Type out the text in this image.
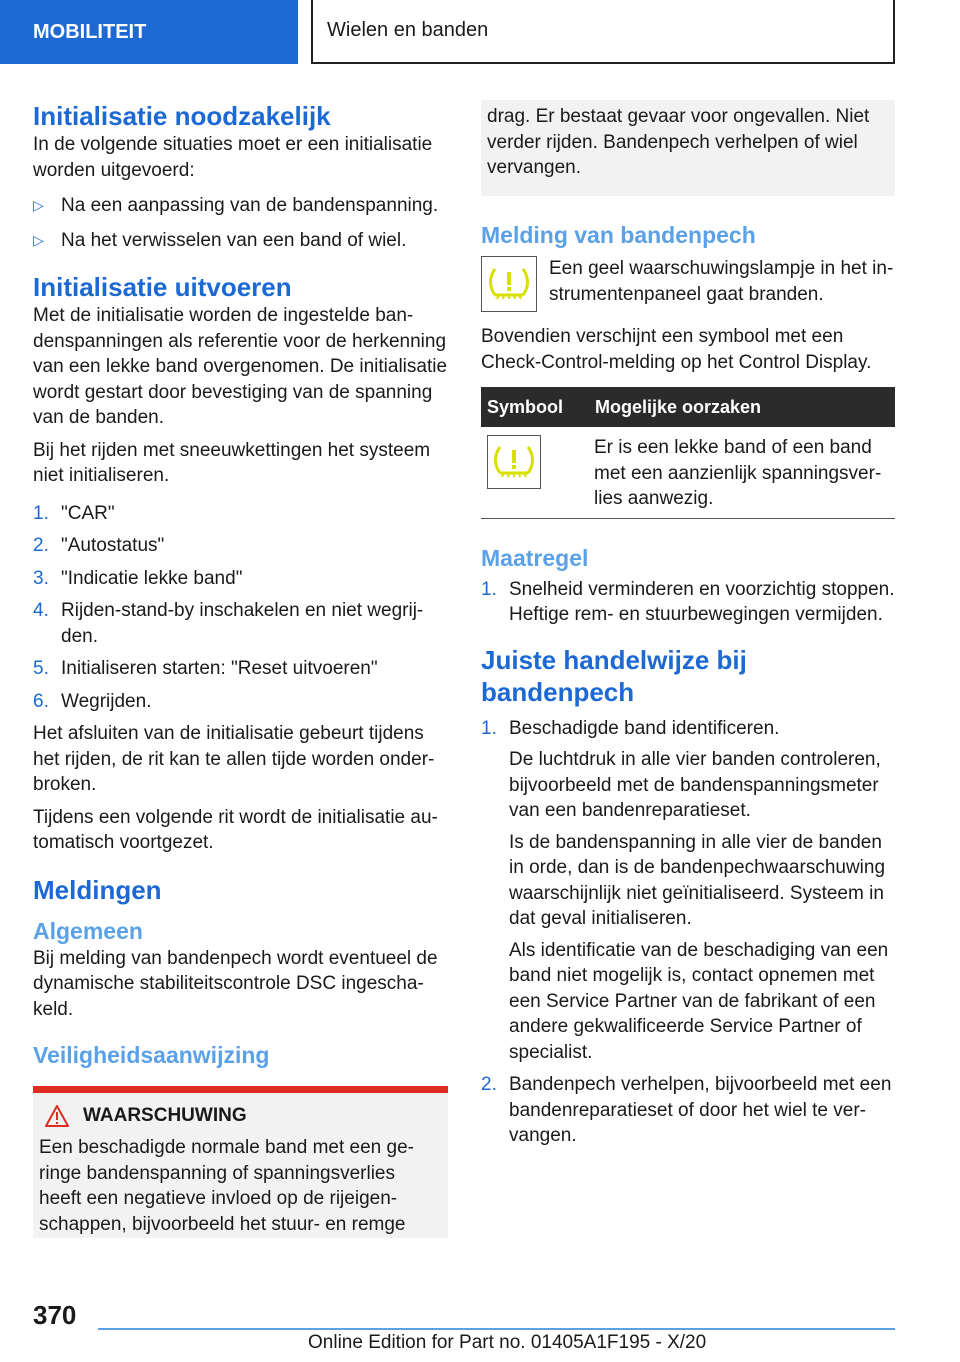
MOBILITEIT	Wielen en banden
Initialisatie noodzakelijk

In de volgende situaties moet er een initialisatie worden uitgevoerd:

▷ Na een aanpassing van de bandenspanning.
▷ Na het verwisselen van een band of wiel.
Initialisatie uitvoeren

Met de initialisatie worden de ingestelde bandenspanningen als referentie voor de herkenning van een lekke band overgenomen. De initialisatie wordt gestart door bevestiging van de spanning van de banden.

Bij het rijden met sneeuwkettingen het systeem niet initialiseren.

1. "CAR"
2. "Autostatus"
3. "Indicatie lekke band"
4. Rijden-stand-by inschakelen en niet wegrijden.
5. Initialiseren starten: "Reset uitvoeren"
6. Wegrijden.

Het afsluiten van de initialisatie gebeurt tijdens het rijden, de rit kan te allen tijde worden onderbroken.

Tijdens een volgende rit wordt de initialisatie automatisch voortgezet.

Meldingen
Algemeen

Bij melding van bandenpech wordt eventueel de dynamische stabiliteitscontrole DSC ingeschakeld.

Veiligheidsaanwijzing
WAARSCHUWING

Een beschadigde normale band met een geringe bandenspanning of spanningsverlies heeft een negatieve invloed op de rijeigenschappen, bijvoorbeeld het stuur- en remge

drag. Er bestaat gevaar voor ongevallen. Niet verder rijden. Bandenpech verhelpen of wiel vervangen.

Melding van bandenpech

Een geel waarschuwingslampje in het instrumentenpaneel gaat branden.

Bovendien verschijnt een symbool met een Check-Control-melding op het Control Display.

Symbool	Mogelijke oorzaken

	Er is een lekke band of een band met een aanzienlijk spanningsverlies aanwezig.
Maatregel
1. Snelheid verminderen en voorzichtig stoppen. Heftige rem- en stuurbewegingen vermijden.
Juiste handelwijze bij bandenpech
1. Beschadigde band identificeren.
De luchtdruk in alle vier banden controleren, bijvoorbeeld met de bandenspanningsmeter van een bandenreparatieset.
Is de bandenspanning in alle vier de banden in orde, dan is de bandenpechwaarschuwing waarschijnlijk niet geïnitialiseerd. Systeem in dat geval initialiseren.
Als identificatie van de beschadiging van een band niet mogelijk is, contact opnemen met een Service Partner van de fabrikant of een andere gekwalificeerde Service Partner of specialist.
2. Bandenpech verhelpen, bijvoorbeeld met een bandenreparatieset of door het wiel te vervangen.
370
Online Edition for Part no. 01405A1F195 - X/20
